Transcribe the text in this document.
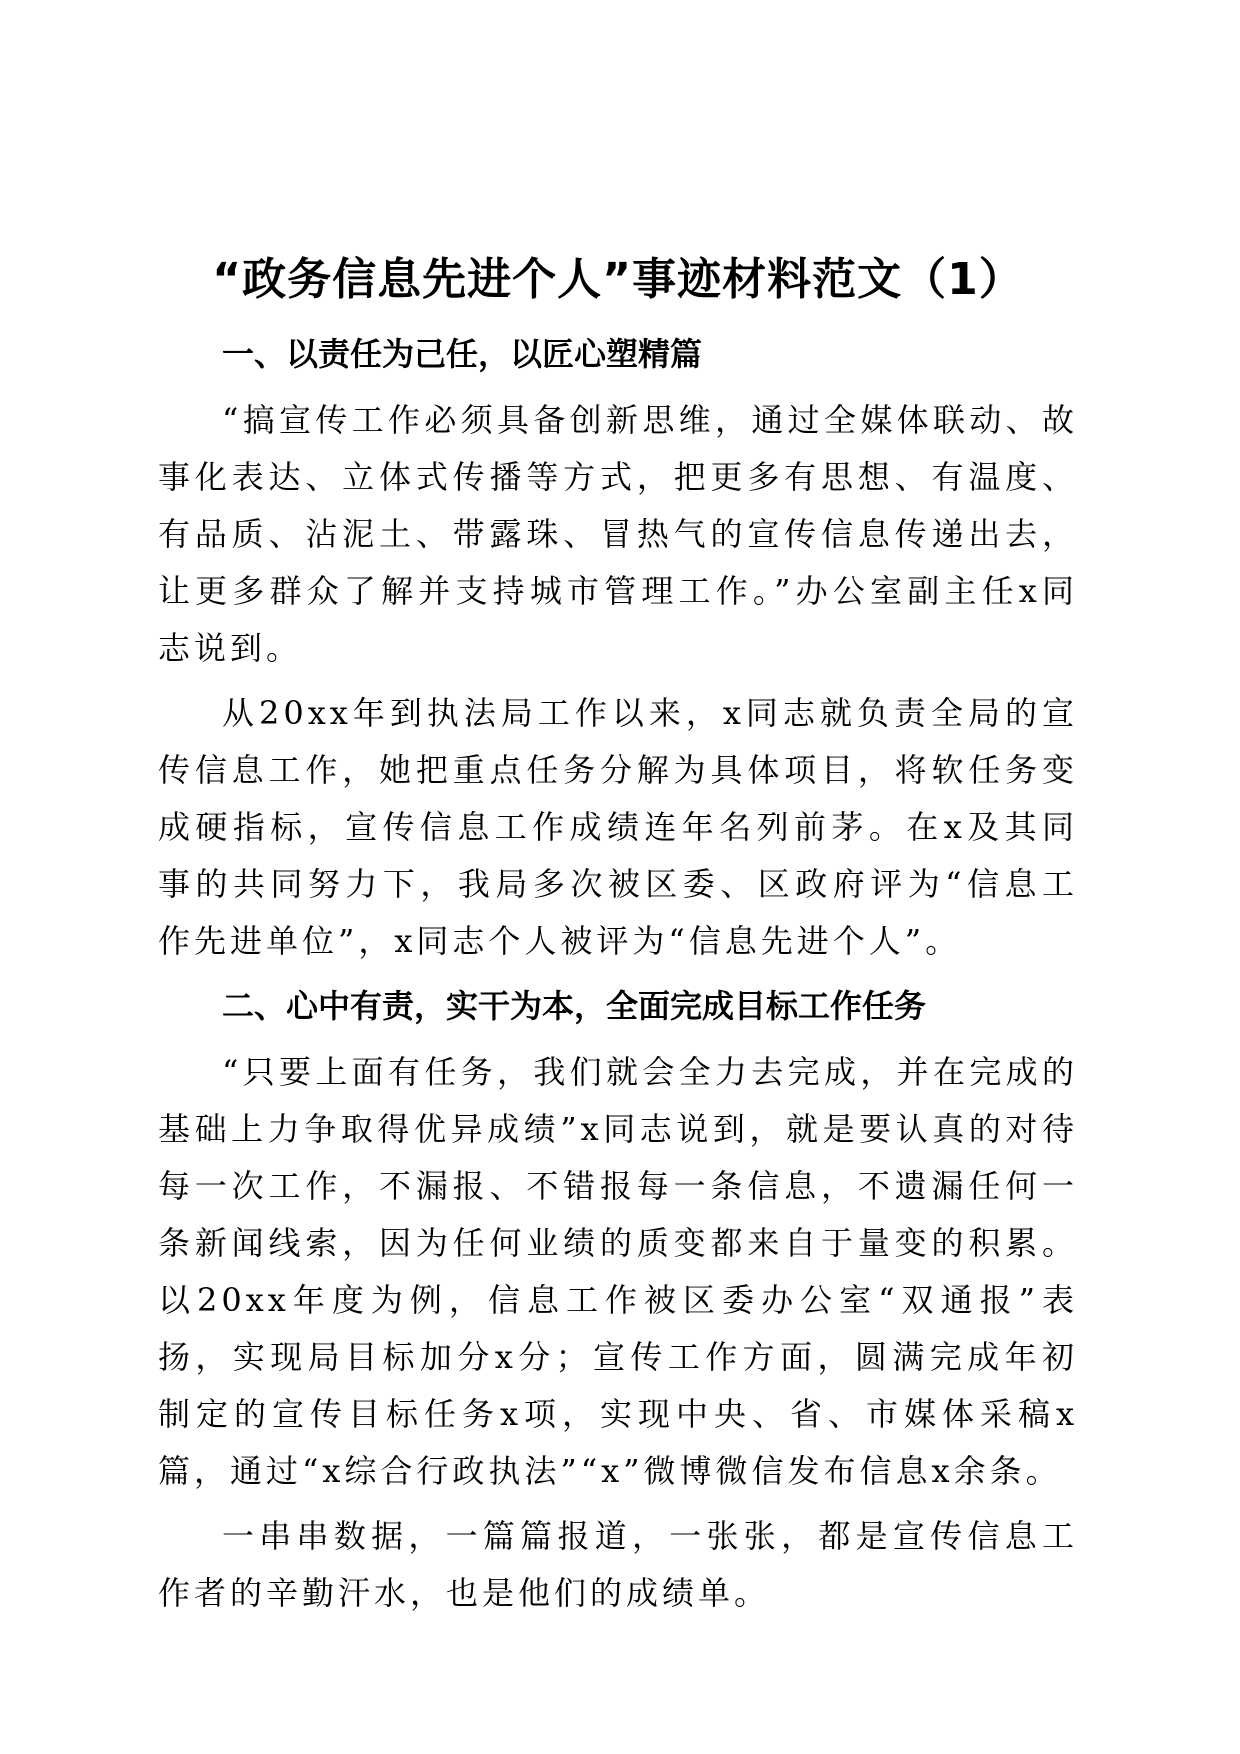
“政务信息先进个人”事迹材料范文（1）
一、以责任为己任，以匠心塑精篇

“搞宣传工作必须具备创新思维，通过全媒体联动、故事化表达、立体式传播等方式，把更多有思想、有温度、有品质、沾泥土、带露珠、冒热气的宣传信息传递出去，让更多群众了解并支持城市管理工作。”办公室副主任x同志说到。

从20xx年到执法局工作以来，x同志就负责全局的宣传信息工作，她把重点任务分解为具体项目，将软任务变成硬指标，宣传信息工作成绩连年名列前茅。在x及其同事的共同努力下，我局多次被区委、区政府评为“信息工作先进单位”，x同志个人被评为“信息先进个人”。

二、心中有责，实干为本，全面完成目标工作任务

“只要上面有任务，我们就会全力去完成，并在完成的基础上力争取得优异成绩”x同志说到，就是要认真的对待每一次工作，不漏报、不错报每一条信息，不遗漏任何一条新闻线索，因为任何业绩的质变都来自于量变的积累。以20xx年度为例，信息工作被区委办公室“双通报”表扬，实现局目标加分x分；宣传工作方面，圆满完成年初制定的宣传目标任务x项，实现中央、省、市媒体采稿x篇，通过“x综合行政执法”“x”微博微信发布信息x余条。

一串串数据，一篇篇报道，一张张，都是宣传信息工作者的辛勤汗水，也是他们的成绩单。
